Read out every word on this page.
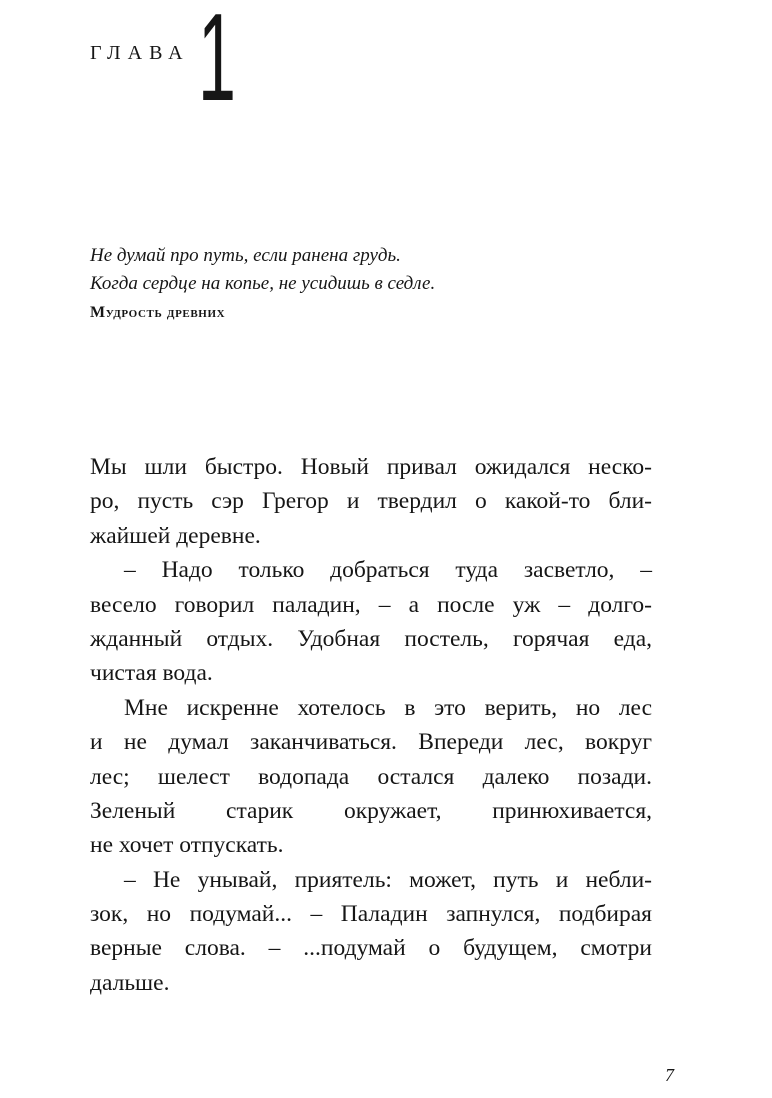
ГЛАВА 1
Не думай про путь, если ранена грудь.
Когда сердце на копье, не усидишь в седле.
Мудрость древних
Мы шли быстро. Новый привал ожидался неско-
ро, пусть сэр Грегор и твердил о какой-то бли-
жайшей деревне.
– Надо только добраться туда засветло, –
весело говорил паладин, – а после уж – долго-
жданный отдых. Удобная постель, горячая еда,
чистая вода.
Мне искренне хотелось в это верить, но лес
и не думал заканчиваться. Впереди лес, вокруг
лес; шелест водопада остался далеко позади.
Зеленый старик окружает, принюхивается,
не хочет отпускать.
– Не унывай, приятель: может, путь и небли-
зок, но подумай... – Паладин запнулся, подбирая
верные слова. – ...подумай о будущем, смотри
дальше.
7
